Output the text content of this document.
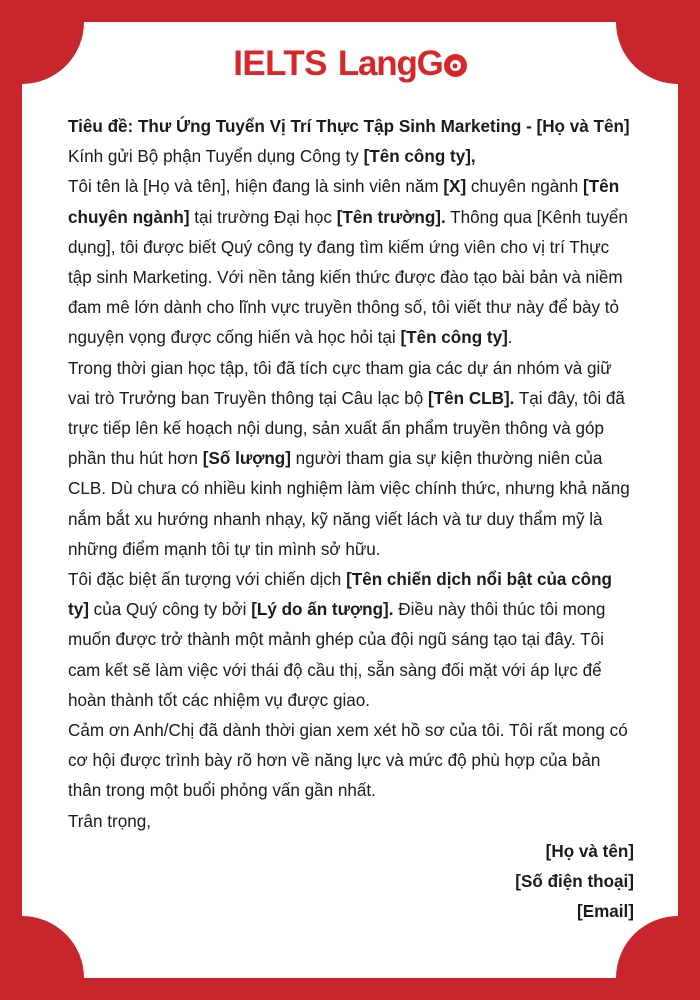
IELTS Lang G

Tiêu đề: Thư Ứng Tuyển Vị Trí Thực Tập Sinh Marketing - [Họ và Tên]

Kính gửi Bộ phận Tuyển dụng Công ty [Tên công ty],

Tôi tên là [Họ và tên], hiện đang là sinh viên năm [X] chuyên ngành [Tên chuyên ngành] tại trường Đại học [Tên trường]. Thông qua [Kênh tuyển dụng], tôi được biết Quý công ty đang tìm kiếm ứng viên cho vị trí Thực tập sinh Marketing. Với nền tảng kiến thức được đào tạo bài bản và niềm đam mê lớn dành cho lĩnh vực truyền thông số, tôi viết thư này để bày tỏ nguyện vọng được cống hiến và học hỏi tại [Tên công ty].

Trong thời gian học tập, tôi đã tích cực tham gia các dự án nhóm và giữ vai trò Trưởng ban Truyền thông tại Câu lạc bộ [Tên CLB]. Tại đây, tôi đã trực tiếp lên kế hoạch nội dung, sản xuất ấn phẩm truyền thông và góp phần thu hút hơn [Số lượng] người tham gia sự kiện thường niên của CLB. Dù chưa có nhiều kinh nghiệm làm việc chính thức, nhưng khả năng nắm bắt xu hướng nhanh nhạy, kỹ năng viết lách và tư duy thẩm mỹ là những điểm mạnh tôi tự tin mình sở hữu.

Tôi đặc biệt ấn tượng với chiến dịch [Tên chiến dịch nổi bật của công ty] của Quý công ty bởi [Lý do ấn tượng]. Điều này thôi thúc tôi mong muốn được trở thành một mảnh ghép của đội ngũ sáng tạo tại đây. Tôi cam kết sẽ làm việc với thái độ cầu thị, sẵn sàng đối mặt với áp lực để hoàn thành tốt các nhiệm vụ được giao.

Cảm ơn Anh/Chị đã dành thời gian xem xét hồ sơ của tôi. Tôi rất mong có cơ hội được trình bày rõ hơn về năng lực và mức độ phù hợp của bản thân trong một buổi phỏng vấn gần nhất.

Trân trọng,

[Họ và tên]
[Số điện thoại]
[Email]
